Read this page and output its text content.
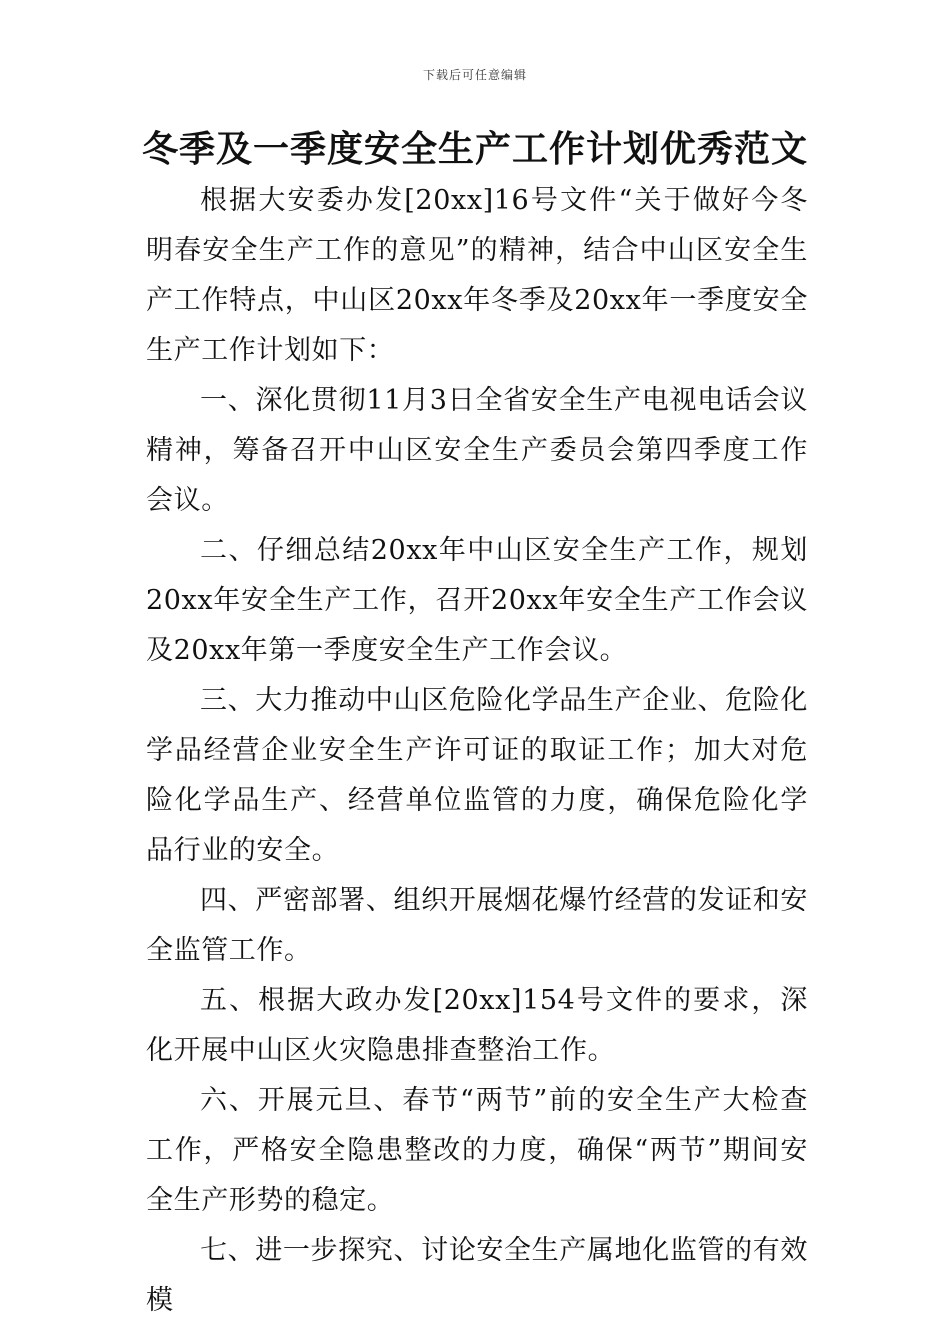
下载后可任意编辑
冬季及一季度安全生产工作计划优秀范文

根据大安委办发[20xx]16号文件“关于做好今冬明春安全生产工作的意见”的精神，结合中山区安全生产工作特点，中山区20xx年冬季及20xx年一季度安全生产工作计划如下：

一、深化贯彻11月3日全省安全生产电视电话会议精神，筹备召开中山区安全生产委员会第四季度工作会议。

二、仔细总结20xx年中山区安全生产工作，规划20xx年安全生产工作，召开20xx年安全生产工作会议及20xx年第一季度安全生产工作会议。

三、大力推动中山区危险化学品生产企业、危险化学品经营企业安全生产许可证的取证工作；加大对危险化学品生产、经营单位监管的力度，确保危险化学品行业的安全。

四、严密部署、组织开展烟花爆竹经营的发证和安全监管工作。

五、根据大政办发[20xx]154号文件的要求，深化开展中山区火灾隐患排查整治工作。

六、开展元旦、春节“两节”前的安全生产大检查工作，严格安全隐患整改的力度，确保“两节”期间安全生产形势的稳定。

七、进一步探究、讨论安全生产属地化监管的有效模
